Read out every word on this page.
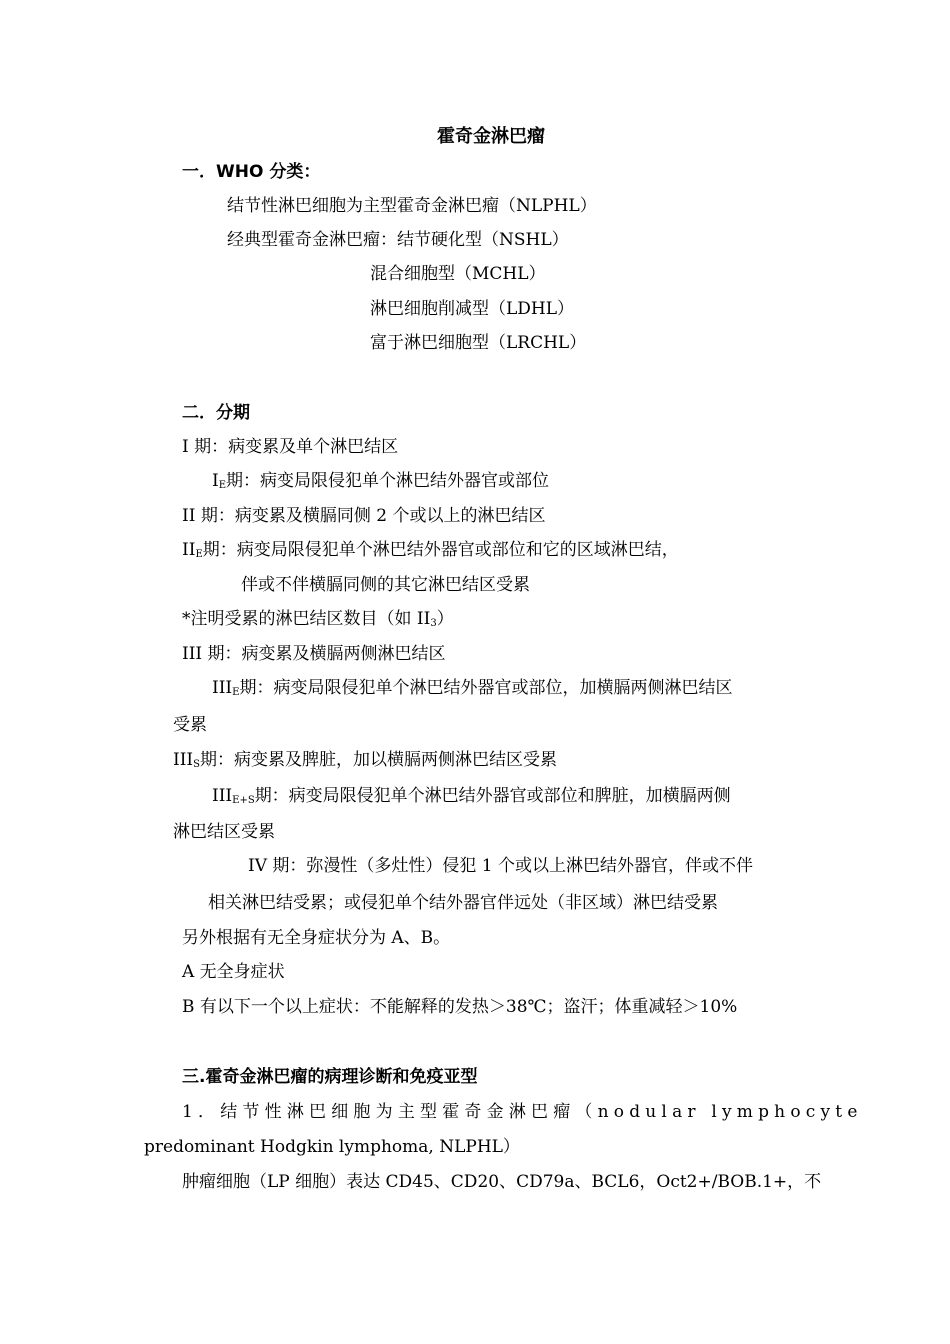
霍奇金淋巴瘤
一．WHO 分类：
结节性淋巴细胞为主型霍奇金淋巴瘤（NLPHL）
经典型霍奇金淋巴瘤：结节硬化型（NSHL）
混合细胞型（MCHL）
淋巴细胞削减型（LDHL）
富于淋巴细胞型（LRCHL）
二．分期
I 期：病变累及单个淋巴结区
$I_E$期：病变局限侵犯单个淋巴结外器官或部位
II 期：病变累及横膈同侧 2 个或以上的淋巴结区
$II_E$期：病变局限侵犯单个淋巴结外器官或部位和它的区域淋巴结，
伴或不伴横膈同侧的其它淋巴结区受累
*注明受累的淋巴结区数目（如 $II_3$）
III 期：病变累及横膈两侧淋巴结区
$III_E$期：病变局限侵犯单个淋巴结外器官或部位，加横膈两侧淋巴结区
受累
$III_S$期：病变累及脾脏，加以横膈两侧淋巴结区受累
$III_{E+S}$期：病变局限侵犯单个淋巴结外器官或部位和脾脏，加横膈两侧
淋巴结区受累
IV 期：弥漫性（多灶性）侵犯 1 个或以上淋巴结外器官，伴或不伴
相关淋巴结受累；或侵犯单个结外器官伴远处（非区域）淋巴结受累
另外根据有无全身症状分为 A、B。
A 无全身症状
B 有以下一个以上症状：不能解释的发热＞38℃；盗汗；体重减轻＞10%
三.霍奇金淋巴瘤的病理诊断和免疫亚型
1．结节性淋巴细胞为主型霍奇金淋巴瘤（nodular lymphocyte
predominant Hodgkin lymphoma, NLPHL）
肿瘤细胞（LP 细胞）表达 CD45、CD20、CD79a、BCL6，Oct2+/BOB.1+，不
